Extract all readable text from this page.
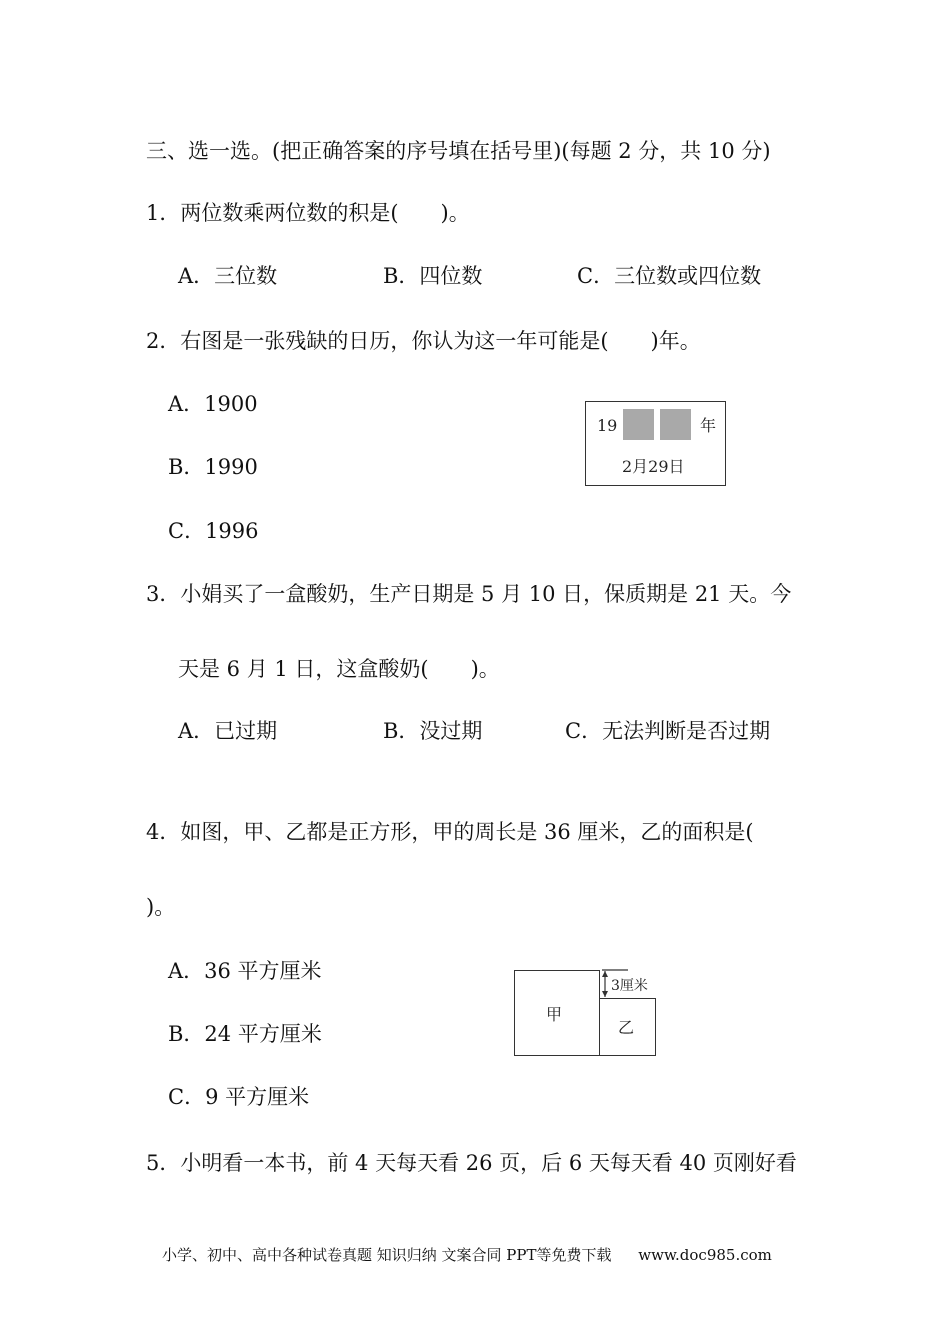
三、选一选。(把正确答案的序号填在括号里)(每题 2 分，共 10 分)
1．两位数乘两位数的积是(　　)。
A．三位数	B．四位数	C．三位数或四位数
2．右图是一张残缺的日历，你认为这一年可能是(　　)年。
A．1900
B．1990
C．1996
19	年
2月29日
3．小娟买了一盒酸奶，生产日期是 5 月 10 日，保质期是 21 天。今
天是 6 月 1 日，这盒酸奶(　　)。
A．已过期	B．没过期	C．无法判断是否过期
4．如图，甲、乙都是正方形，甲的周长是 36 厘米，乙的面积是(
)。
A．36 平方厘米
B．24 平方厘米
C．9 平方厘米
3厘米
甲
乙
5．小明看一本书，前 4 天每天看 26 页，后 6 天每天看 40 页刚好看
小学、初中、高中各种试卷真题 知识归纳 文案合同 PPT等免费下载 www.doc985.com
